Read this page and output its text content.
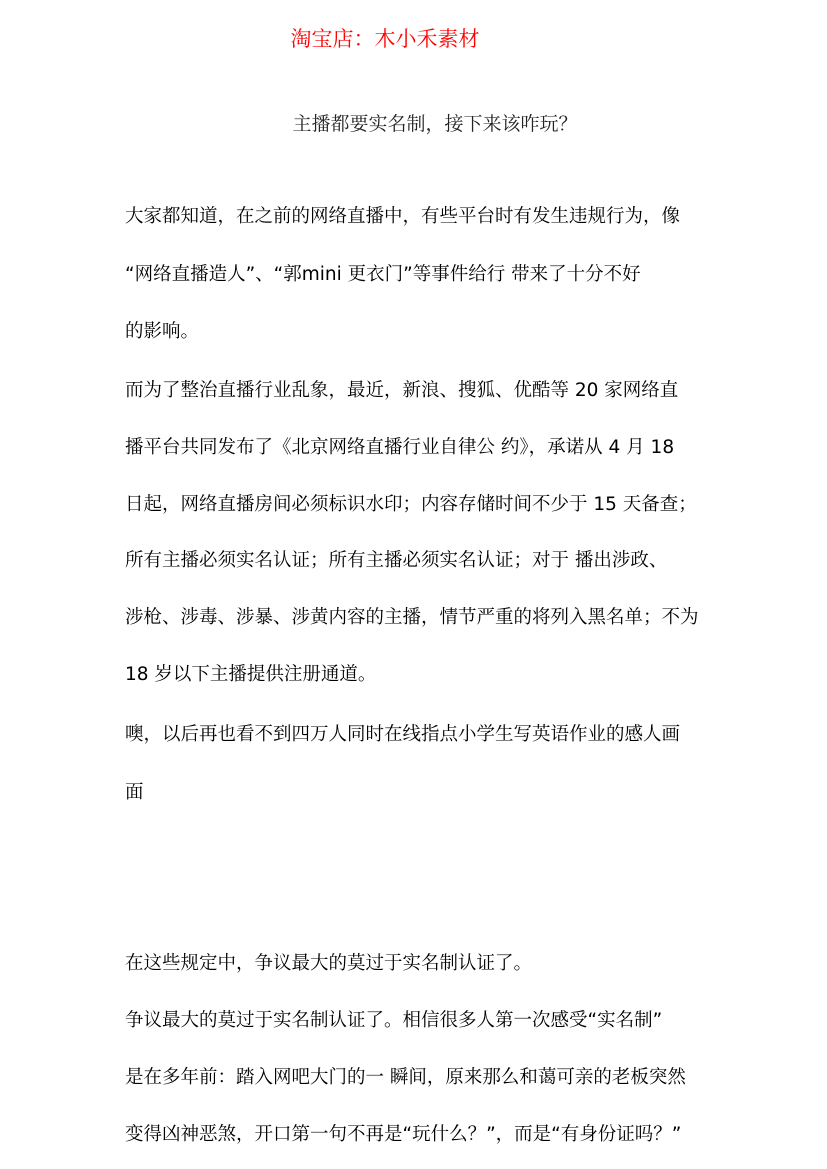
淘宝店：木小禾素材
主播都要实名制，接下来该咋玩？
大家都知道，在之前的网络直播中，有些平台时有发生违规行为，像
“网络直播造人”、“郭mini 更衣门”等事件给行 带来了十分不好
的影响。
而为了整治直播行业乱象，最近，新浪、搜狐、优酷等 20 家网络直
播平台共同发布了《北京网络直播行业自律公 约》，承诺从 4 月 18
日起，网络直播房间必须标识水印；内容存储时间不少于 15 天备查；
所有主播必须实名认证；所有主播必须实名认证；对于 播出涉政、
涉枪、涉毒、涉暴、涉黄内容的主播，情节严重的将列入黑名单；不为
18 岁以下主播提供注册通道。
噢，以后再也看不到四万人同时在线指点小学生写英语作业的感人画
面
在这些规定中，争议最大的莫过于实名制认证了。
争议最大的莫过于实名制认证了。相信很多人第一次感受“实名制”
是在多年前：踏入网吧大门的一 瞬间，原来那么和蔼可亲的老板突然
变得凶神恶煞，开口第一句不再是“玩什么？”，而是“有身份证吗？”
